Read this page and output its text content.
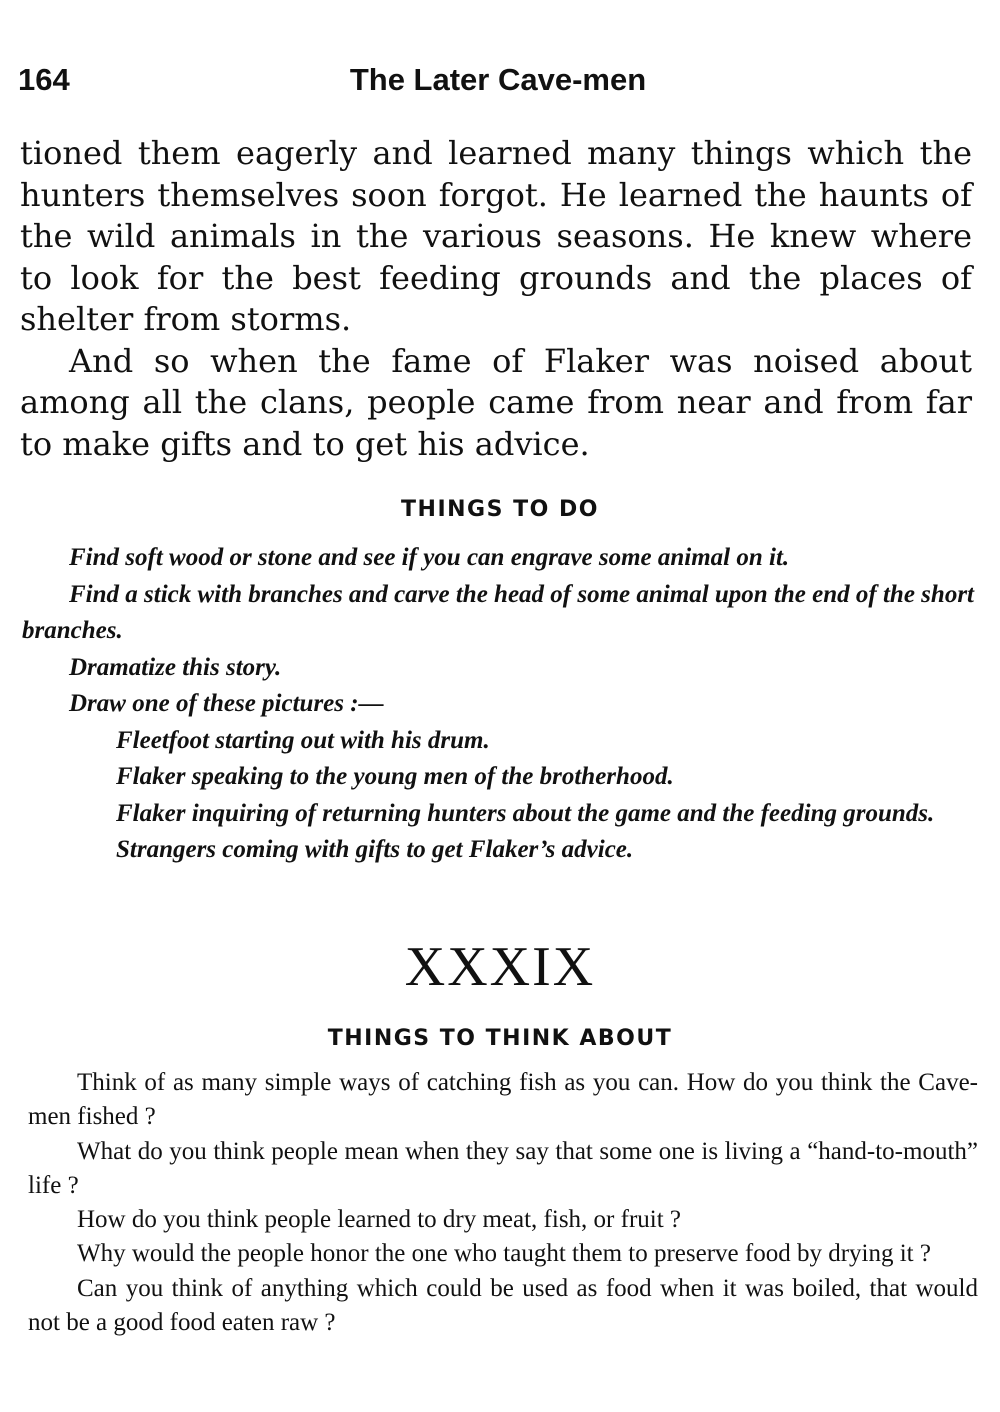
164	The Later Cave-men

tioned them eagerly and learned many things which the hunters themselves soon forgot. He learned the haunts of the wild animals in the various seasons. He knew where to look for the best feeding grounds and the places of shelter from storms.

And so when the fame of Flaker was noised about among all the clans, people came from near and from far to make gifts and to get his advice.

THINGS TO DO

Find soft wood or stone and see if you can engrave some animal on it.

Find a stick with branches and carve the head of some animal upon the end of the short branches.

Dramatize this story.

Draw one of these pictures :—

Fleetfoot starting out with his drum.

Flaker speaking to the young men of the brotherhood.

Flaker inquiring of returning hunters about the game and the feeding grounds.

Strangers coming with gifts to get Flaker’s advice.

XXXIX
THINGS TO THINK ABOUT

Think of as many simple ways of catching fish as you can. How do you think the Cave-men fished ?

What do you think people mean when they say that some one is living a “hand-to-mouth” life ?

How do you think people learned to dry meat, fish, or fruit ?

Why would the people honor the one who taught them to preserve food by drying it ?

Can you think of anything which could be used as food when it was boiled, that would not be a good food eaten raw ?
